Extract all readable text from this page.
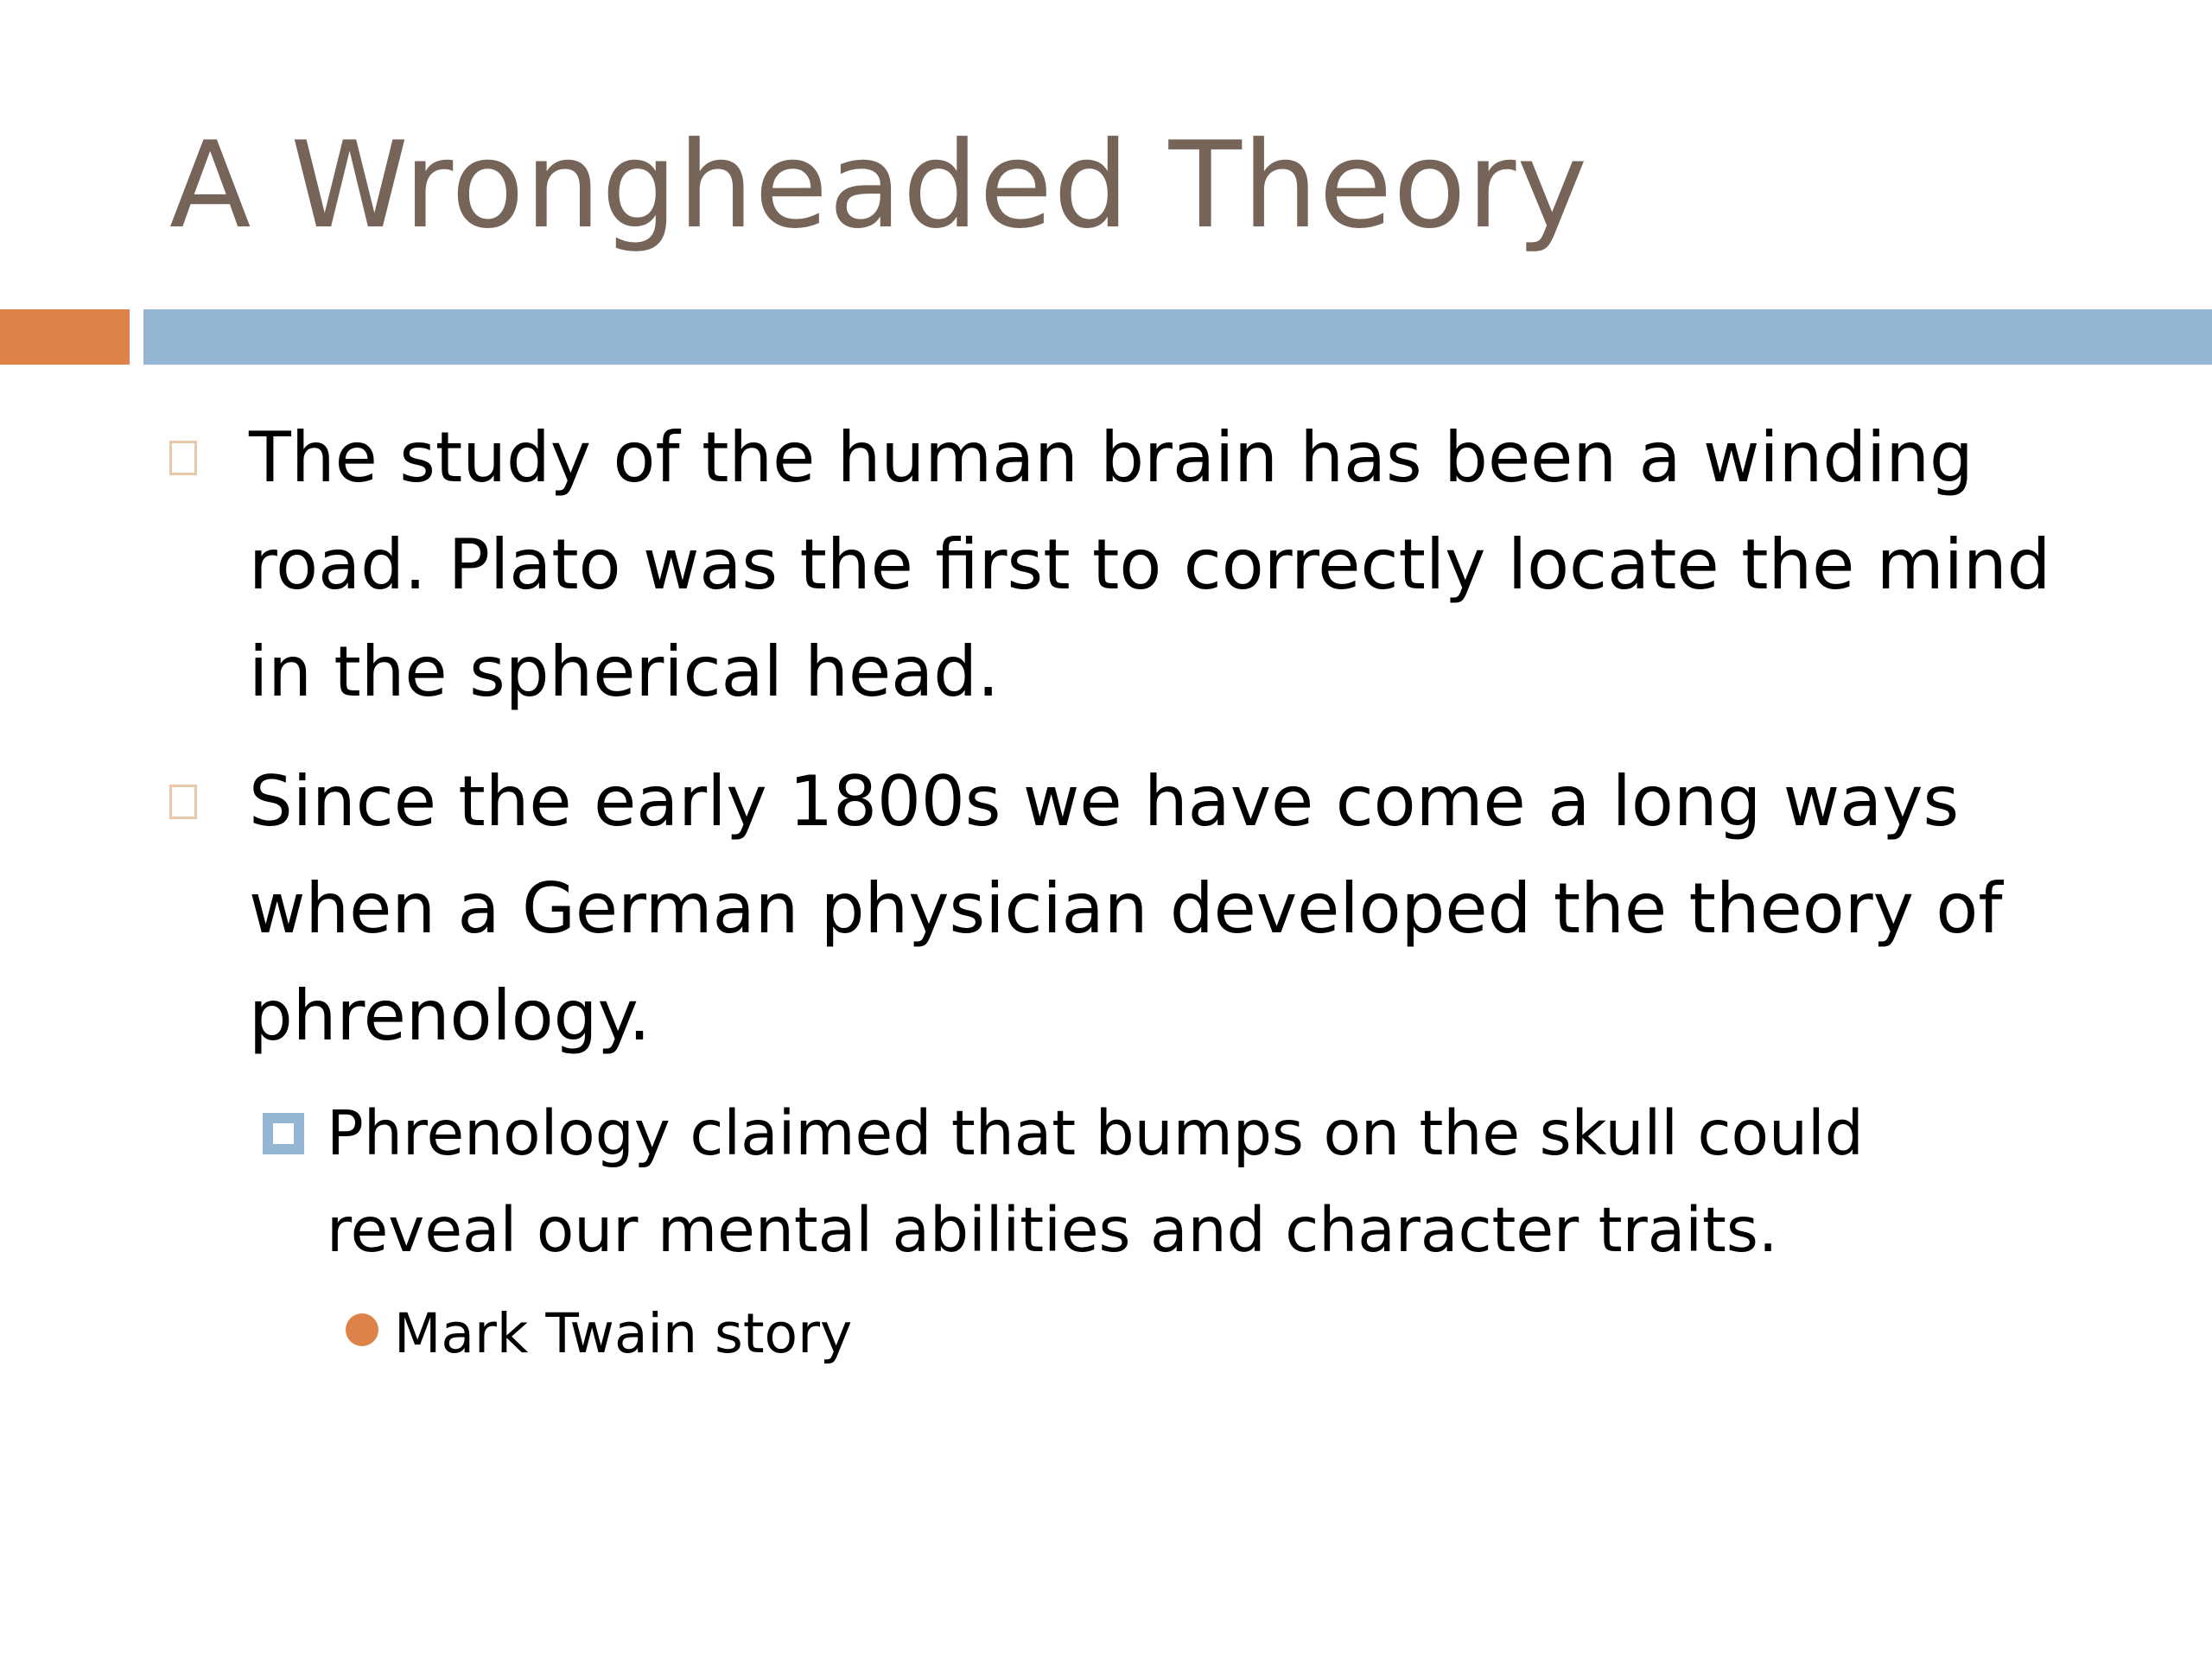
A Wrongheaded Theory
The study of the human brain has been a winding
road. Plato was the first to correctly locate the mind
in the spherical head.
Since the early 1800s we have come a long ways
when a German physician developed the theory of
phrenology.
Phrenology claimed that bumps on the skull could
reveal our mental abilities and character traits.
Mark Twain story
